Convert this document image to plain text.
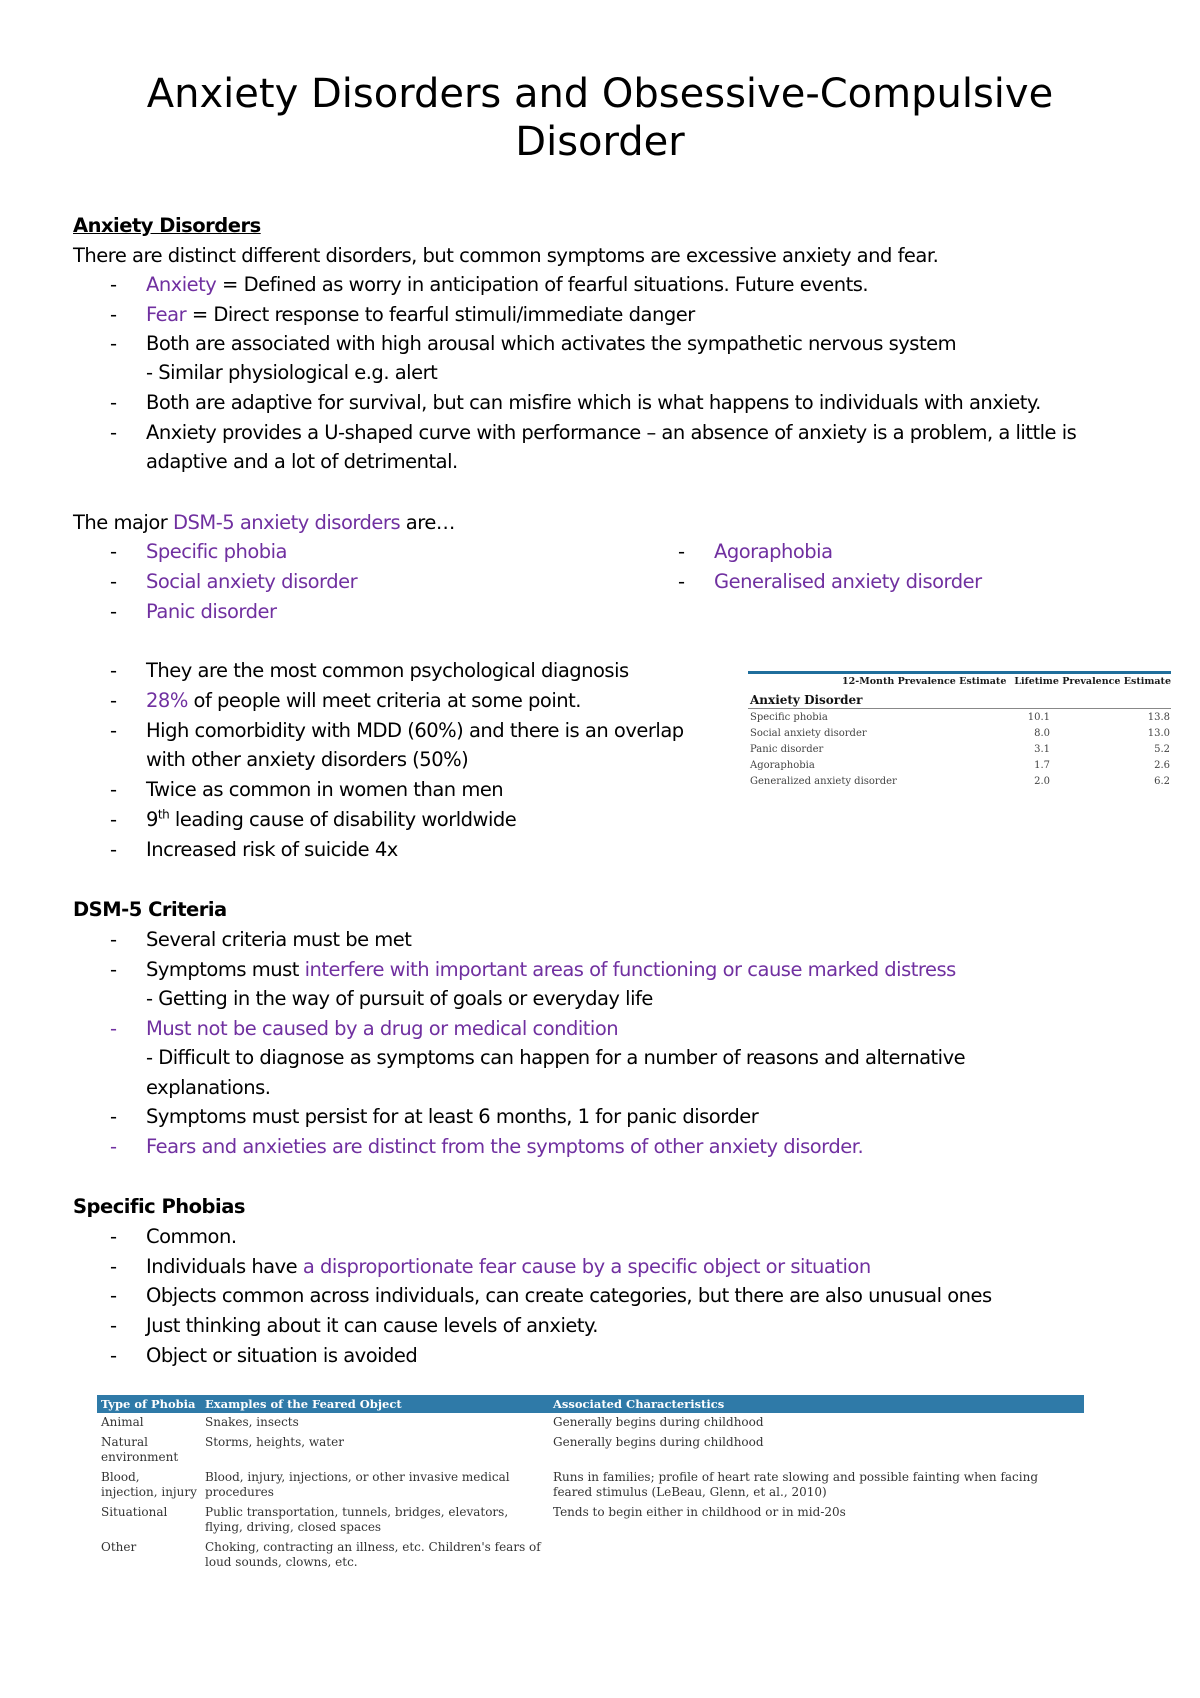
Anxiety Disorders and Obsessive-Compulsive Disorder
Anxiety Disorders
There are distinct different disorders, but common symptoms are excessive anxiety and fear.
- Anxiety = Defined as worry in anticipation of fearful situations. Future events.
- Fear = Direct response to fearful stimuli/immediate danger
- Both are associated with high arousal which activates the sympathetic nervous system
- Similar physiological e.g. alert
- Both are adaptive for survival, but can misfire which is what happens to individuals with anxiety.
- Anxiety provides a U-shaped curve with performance – an absence of anxiety is a problem, a little is
adaptive and a lot of detrimental.
The major DSM-5 anxiety disorders are…
- Specific phobia
- Social anxiety disorder
- Panic disorder
- Agoraphobia
- Generalised anxiety disorder
- They are the most common psychological diagnosis
- 28% of people will meet criteria at some point.
- High comorbidity with MDD (60%) and there is an overlap
with other anxiety disorders (50%)
- Twice as common in women than men
- 9th leading cause of disability worldwide
- Increased risk of suicide 4x
12-Month Prevalence Estimate Lifetime Prevalence Estimate
Anxiety Disorder
Specific phobia	10.1	13.8
Social anxiety disorder	8.0	13.0
Panic disorder	3.1	5.2
Agoraphobia	1.7	2.6
Generalized anxiety disorder	2.0	6.2
DSM-5 Criteria
- Several criteria must be met
- Symptoms must interfere with important areas of functioning or cause marked distress
- Getting in the way of pursuit of goals or everyday life
- Must not be caused by a drug or medical condition
- Difficult to diagnose as symptoms can happen for a number of reasons and alternative
explanations.
- Symptoms must persist for at least 6 months, 1 for panic disorder
- Fears and anxieties are distinct from the symptoms of other anxiety disorder.
Specific Phobias
- Common.
- Individuals have a disproportionate fear cause by a specific object or situation
- Objects common across individuals, can create categories, but there are also unusual ones
- Just thinking about it can cause levels of anxiety.
- Object or situation is avoided
Type of Phobia	Examples of the Feared Object	Associated Characteristics
Animal	Snakes, insects	Generally begins during childhood
Natural environment	Storms, heights, water	Generally begins during childhood
Blood, injection, injury	Blood, injury, injections, or other invasive medical procedures	Runs in families; profile of heart rate slowing and possible fainting when facing feared stimulus (LeBeau, Glenn, et al., 2010)
Situational	Public transportation, tunnels, bridges, elevators, flying, driving, closed spaces	Tends to begin either in childhood or in mid-20s
Other	Choking, contracting an illness, etc. Children's fears of loud sounds, clowns, etc.	
